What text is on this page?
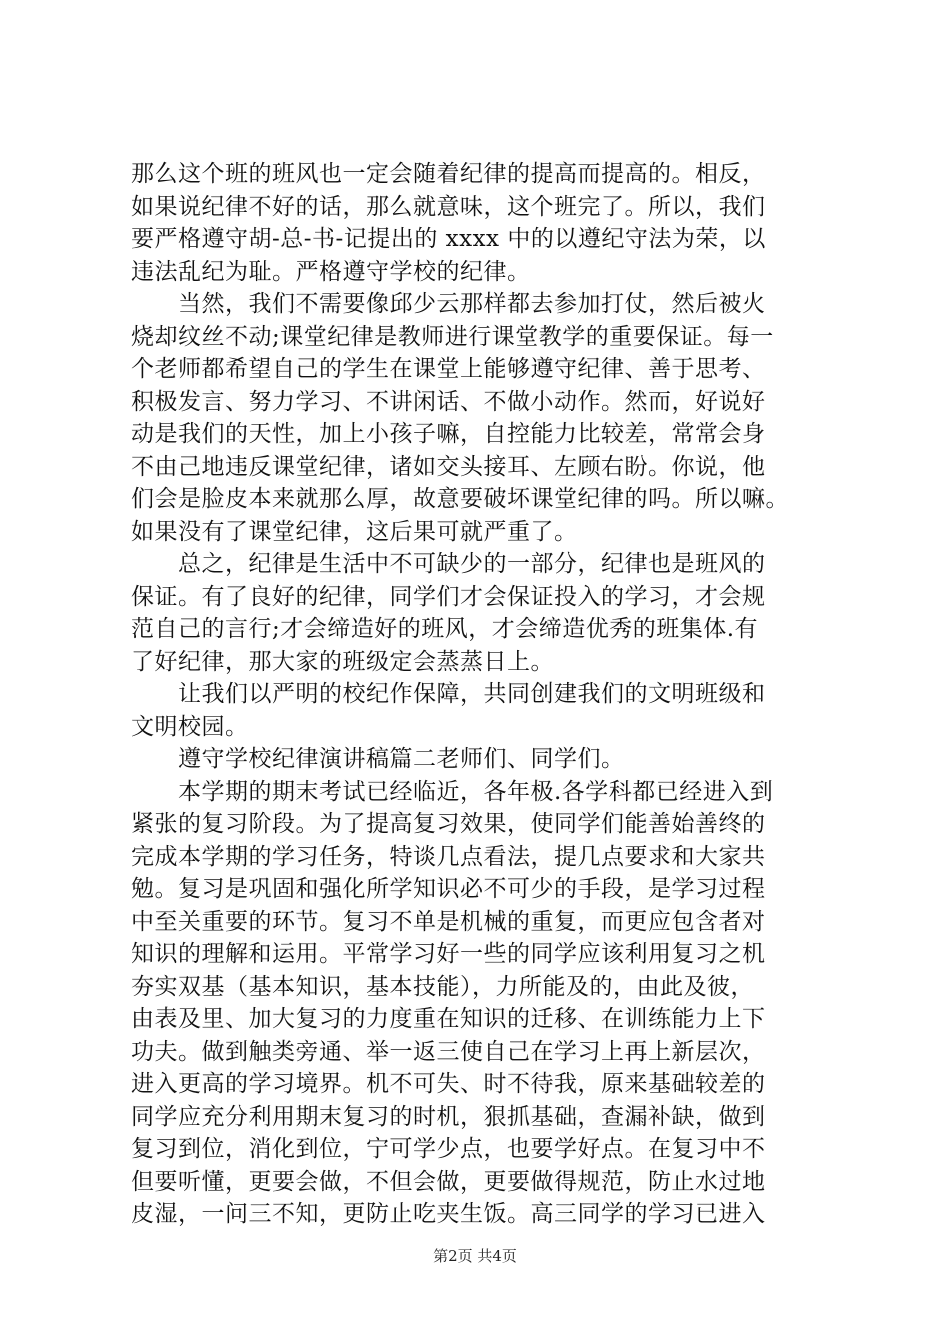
那么这个班的班风也一定会随着纪律的提高而提高的。相反，
如果说纪律不好的话，那么就意味，这个班完了。所以，我们
要严格遵守胡-总-书-记提出的 xxxx 中的以遵纪守法为荣，以
违法乱纪为耻。严格遵守学校的纪律。
　　当然，我们不需要像邱少云那样都去参加打仗，然后被火
烧却纹丝不动;课堂纪律是教师进行课堂教学的重要保证。每一
个老师都希望自己的学生在课堂上能够遵守纪律、善于思考、
积极发言、努力学习、不讲闲话、不做小动作。然而，好说好
动是我们的天性，加上小孩子嘛，自控能力比较差，常常会身
不由己地违反课堂纪律，诸如交头接耳、左顾右盼。你说，他
们会是脸皮本来就那么厚，故意要破坏课堂纪律的吗。所以嘛。
如果没有了课堂纪律，这后果可就严重了。
　　总之，纪律是生活中不可缺少的一部分，纪律也是班风的
保证。有了良好的纪律，同学们才会保证投入的学习，才会规
范自己的言行;才会缔造好的班风，才会缔造优秀的班集体.有
了好纪律，那大家的班级定会蒸蒸日上。
　　让我们以严明的校纪作保障，共同创建我们的文明班级和
文明校园。
　　遵守学校纪律演讲稿篇二老师们、同学们。
　　本学期的期末考试已经临近，各年极.各学科都已经进入到
紧张的复习阶段。为了提高复习效果，使同学们能善始善终的
完成本学期的学习任务，特谈几点看法，提几点要求和大家共
勉。复习是巩固和强化所学知识必不可少的手段，是学习过程
中至关重要的环节。复习不单是机械的重复，而更应包含者对
知识的理解和运用。平常学习好一些的同学应该利用复习之机
夯实双基（基本知识，基本技能），力所能及的，由此及彼，
由表及里、加大复习的力度重在知识的迁移、在训练能力上下
功夫。做到触类旁通、举一返三使自己在学习上再上新层次，
进入更高的学习境界。机不可失、时不待我，原来基础较差的
同学应充分利用期末复习的时机，狠抓基础，查漏补缺，做到
复习到位，消化到位，宁可学少点，也要学好点。在复习中不
但要听懂，更要会做，不但会做，更要做得规范，防止水过地
皮湿，一问三不知，更防止吃夹生饭。高三同学的学习已进入
第2页 共4页
